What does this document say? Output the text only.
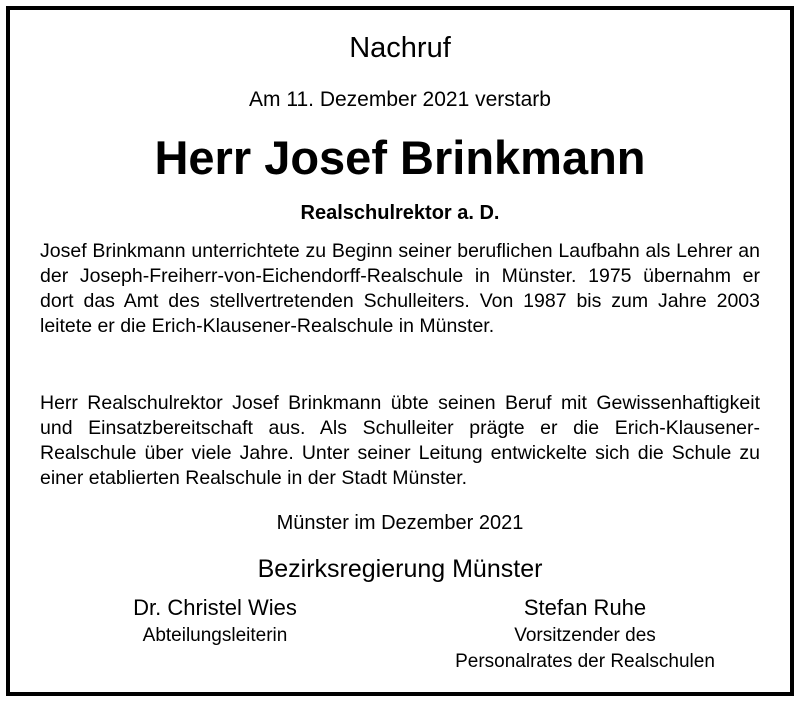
Nachruf
Am 11. Dezember 2021 verstarb
Herr Josef Brinkmann
Realschulrektor a. D.
Josef Brinkmann unterrichtete zu Beginn seiner beruflichen Laufbahn als Lehrer an der Joseph-Freiherr-von-Eichendorff-Realschule in Münster. 1975 übernahm er dort das Amt des stellvertretenden Schulleiters. Von 1987 bis zum Jahre 2003 leitete er die Erich-Klausener-Realschule in Münster.
Herr Realschulrektor Josef Brinkmann übte seinen Beruf mit Gewissenhaftigkeit und Einsatzbereitschaft aus. Als Schulleiter prägte er die Erich-Klausener-Realschule über viele Jahre. Unter seiner Leitung entwickelte sich die Schule zu einer etablierten Realschule in der Stadt Münster.
Münster im Dezember 2021
Bezirksregierung Münster
Dr. Christel Wies
Abteilungsleiterin
Stefan Ruhe
Vorsitzender des
Personalrates der Realschulen
